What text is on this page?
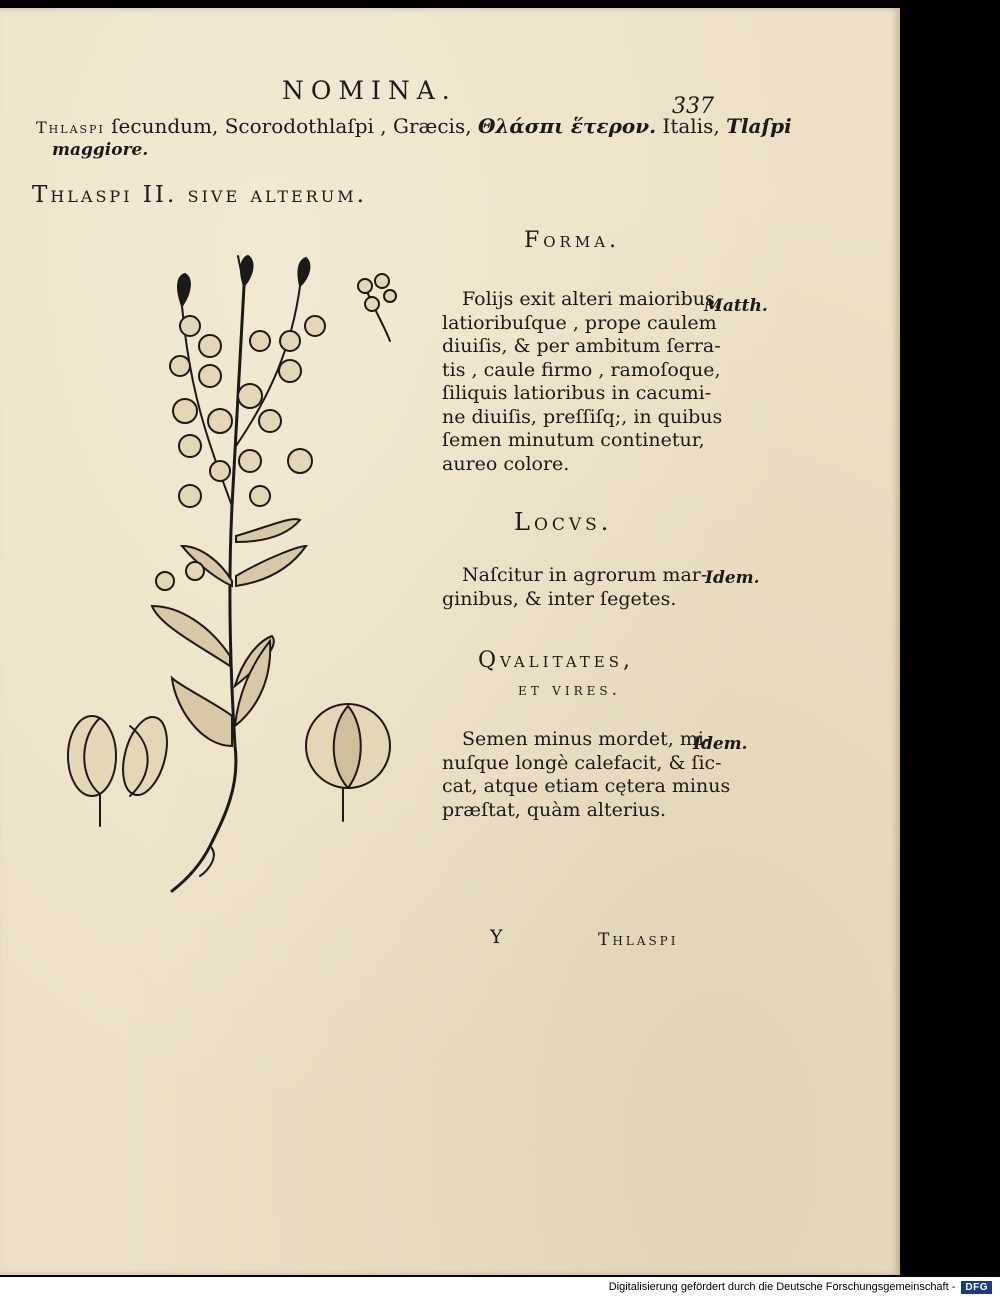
NOMINA.
337
Thlaspi ſecundum, Scorodothlaſpi , Græcis, Θλάσπι ἕτερον. Italis, Tlaſpi
maggiore.
Thlaspi II. sive alterum.
Forma.
Matth.
Folijs exit alteri maioribus,
latioribuſque , prope caulem
diuiſis, & per ambitum ſerra-
tis , caule firmo , ramoſoque,
ſiliquis latioribus in cacumi-
ne diuiſis, preſſiſq;, in quibus
ſemen minutum continetur,
aureo colore.
Locvs.
Idem.
Naſcitur in agrorum mar-
ginibus, & inter ſegetes.
Qvalitates,
et vires.
Idem.
Semen minus mordet, mi-
nuſque longè calefacit, & ſic-
cat, atque etiam cętera minus
præſtat, quàm alterius.
Y	Thlaspi
Digitalisierung gefördert durch die Deutsche Forschungsgemeinschaft -	DFG
